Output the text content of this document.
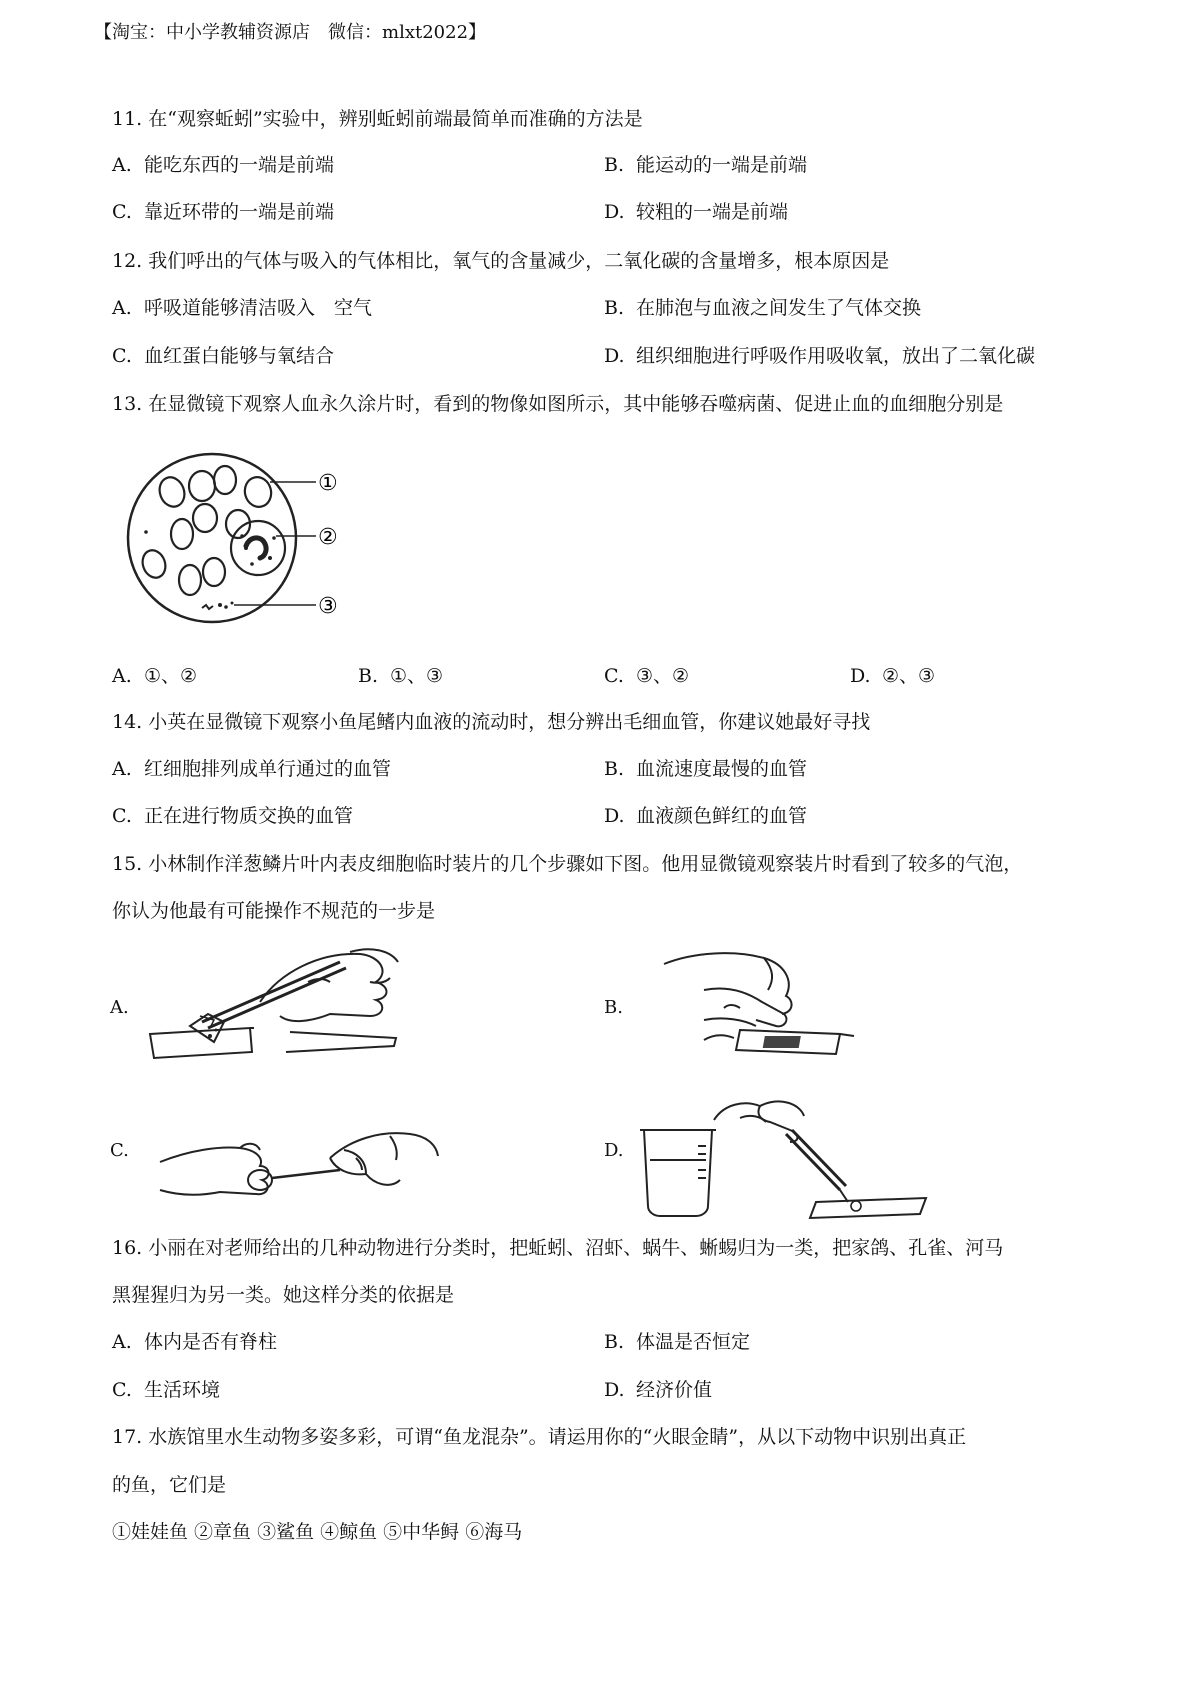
【淘宝：中小学教辅资源店　微信：mlxt2022】
11. 在“观察蚯蚓”实验中，辨别蚯蚓前端最简单而准确的方法是
A. 能吃东西的一端是前端	B. 能运动的一端是前端
C. 靠近环带的一端是前端	D. 较粗的一端是前端
12. 我们呼出的气体与吸入的气体相比，氧气的含量减少，二氧化碳的含量增多，根本原因是
A. 呼吸道能够清洁吸入　空气	B. 在肺泡与血液之间发生了气体交换
C. 血红蛋白能够与氧结合	D. 组织细胞进行呼吸作用吸收氧，放出了二氧化碳
13. 在显微镜下观察人血永久涂片时，看到的物像如图所示，其中能够吞噬病菌、促进止血的血细胞分别是
①
②
③
A. ①、②	B. ①、③	C. ③、②	D. ②、③
14. 小英在显微镜下观察小鱼尾鳍内血液的流动时，想分辨出毛细血管，你建议她最好寻找
A. 红细胞排列成单行通过的血管	B. 血流速度最慢的血管
C. 正在进行物质交换的血管	D. 血液颜色鲜红的血管
15. 小林制作洋葱鳞片叶内表皮细胞临时装片的几个步骤如下图。他用显微镜观察装片时看到了较多的气泡，
你认为他最有可能操作不规范的一步是
A.	B.
C.	D.
16. 小丽在对老师给出的几种动物进行分类时，把蚯蚓、沼虾、蜗牛、蜥蜴归为一类，把家鸽、孔雀、河马
黑猩猩归为另一类。她这样分类的依据是
A. 体内是否有脊柱	B. 体温是否恒定
C. 生活环境	D. 经济价值
17. 水族馆里水生动物多姿多彩，可谓“鱼龙混杂”。请运用你的“火眼金睛”，从以下动物中识别出真正
的鱼，它们是
①娃娃鱼 ②章鱼 ③鲨鱼 ④鲸鱼 ⑤中华鲟 ⑥海马
